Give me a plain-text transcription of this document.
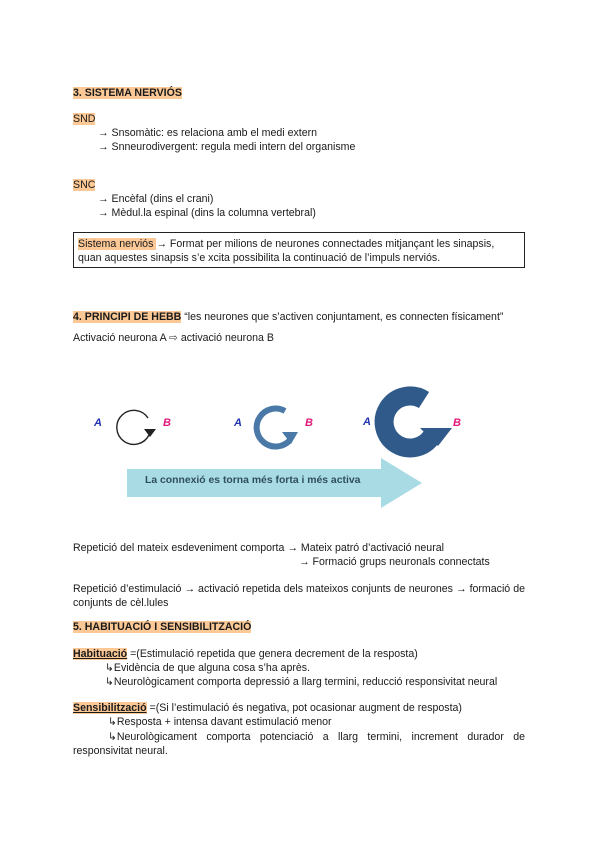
3. SISTEMA NERVIÓS
SND
→ Snsomàtic: es relaciona amb el medi extern
→ Snneurodivergent: regula medi intern del organisme
SNC
→ Encèfal (dins el crani)
→ Mèdul.la espinal (dins la columna vertebral)
Sistema nerviós → Format per milions de neurones connectades mitjançant les sinapsis,
quan aquestes sinapsis s’e xcita possibilita la continuació de l’impuls nerviós.
4. PRINCIPI DE HEBB “les neurones que s’activen conjuntament, es connecten físicament”
Activació neurona A ⇨ activació neurona B
A	B	A	B	A	B
La connexió es torna més forta i més activa
Repetició del mateix esdeveniment comporta → Mateix patró d’activació neural
→ Formació grups neuronals connectats
Repetició d’estimulació → activació repetida dels mateixos conjunts de neurones → formació de conjunts de cèl.lules
5. HABITUACIÓ I SENSIBILITZACIÓ
Habituació =(Estimulació repetida que genera decrement de la resposta)
↳Evidència de que alguna cosa s’ha après.
↳Neurològicament comporta depressió a llarg termini, reducció responsivitat neural
Sensibilització =(Si l’estimulació és negativa, pot ocasionar augment de resposta)
↳Resposta + intensa davant estimulació menor
↳Neurològicament comporta potenciació a llarg termini, increment durador de responsivitat neural.
